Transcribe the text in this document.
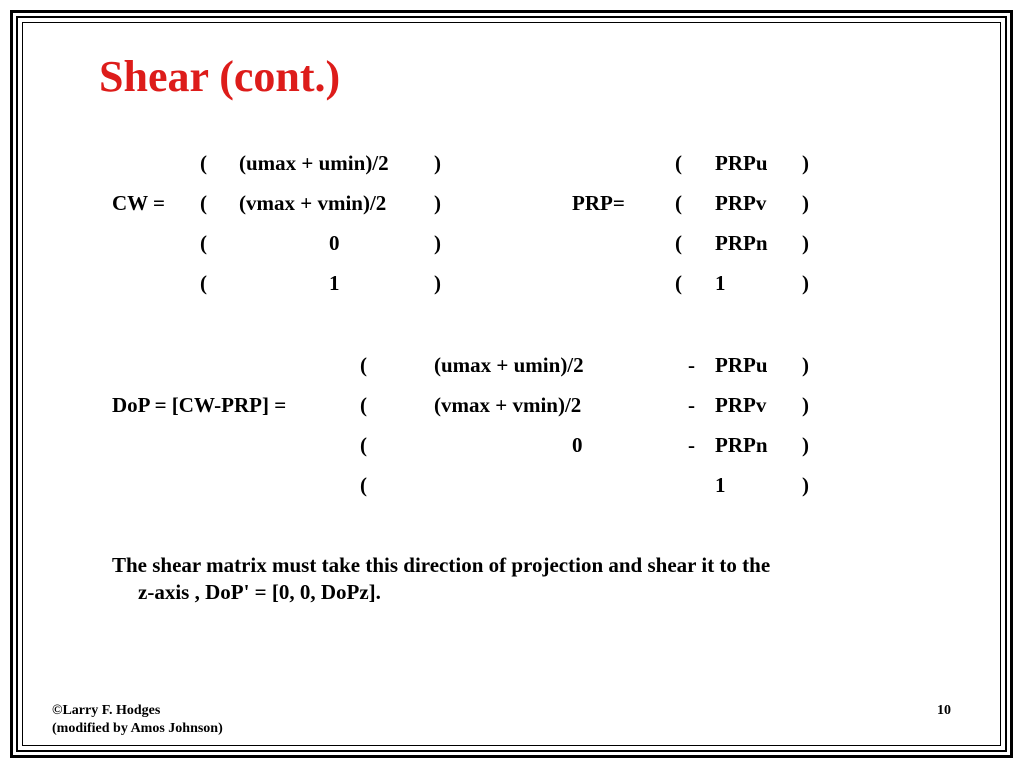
Shear (cont.)
CW =
(
(
(
(
(umax + umin)/2
(vmax + vmin)/2
0
1
)
)
)
)
PRP=
(
(
(
(
PRPu
PRPv
PRPn
1
)
)
)
)
DoP = [CW-PRP] =
(
(
(
(
(umax + umin)/2
(vmax + vmin)/2
0
-
-
-
PRPu
PRPv
PRPn
1
)
)
)
)
The shear matrix must take this direction of projection and shear it to the
z-axis , DoP' = [0, 0, DoPz].
©Larry F. Hodges
(modified by Amos Johnson)
10
